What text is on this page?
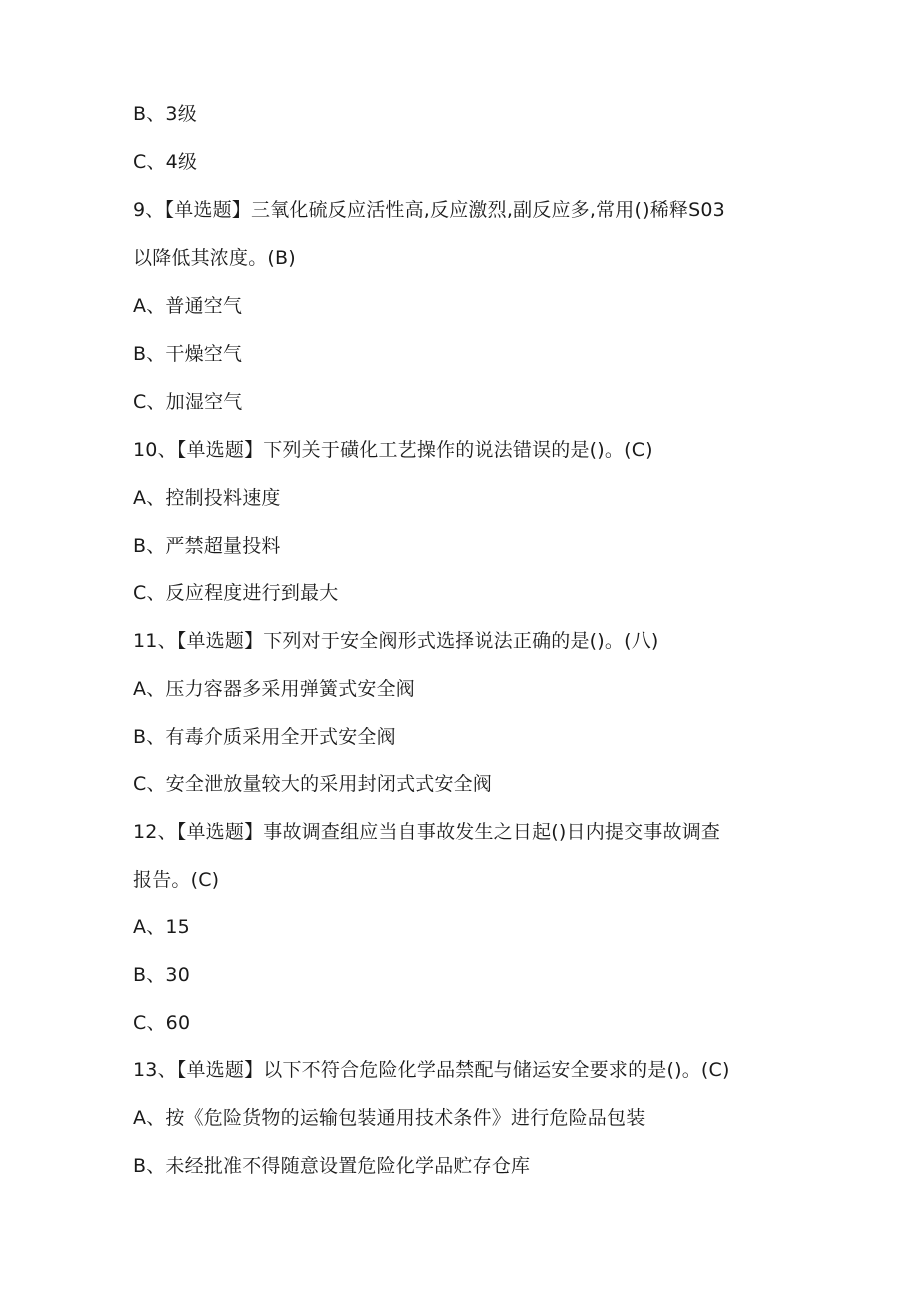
B、3级
C、4级
9、【单选题】三氧化硫反应活性高,反应激烈,副反应多,常用()稀释S03
以降低其浓度。(B)
A、普通空气
B、干燥空气
C、加湿空气
10、【单选题】下列关于磺化工艺操作的说法错误的是()。(C)
A、控制投料速度
B、严禁超量投料
C、反应程度进行到最大
11、【单选题】下列对于安全阀形式选择说法正确的是()。(八)
A、压力容器多采用弹簧式安全阀
B、有毒介质采用全开式安全阀
C、安全泄放量较大的采用封闭式式安全阀
12、【单选题】事故调查组应当自事故发生之日起()日内提交事故调查
报告。(C)
A、15
B、30
C、60
13、【单选题】以下不符合危险化学品禁配与储运安全要求的是()。(C)
A、按《危险货物的运输包装通用技术条件》进行危险品包装
B、未经批准不得随意设置危险化学品贮存仓库
